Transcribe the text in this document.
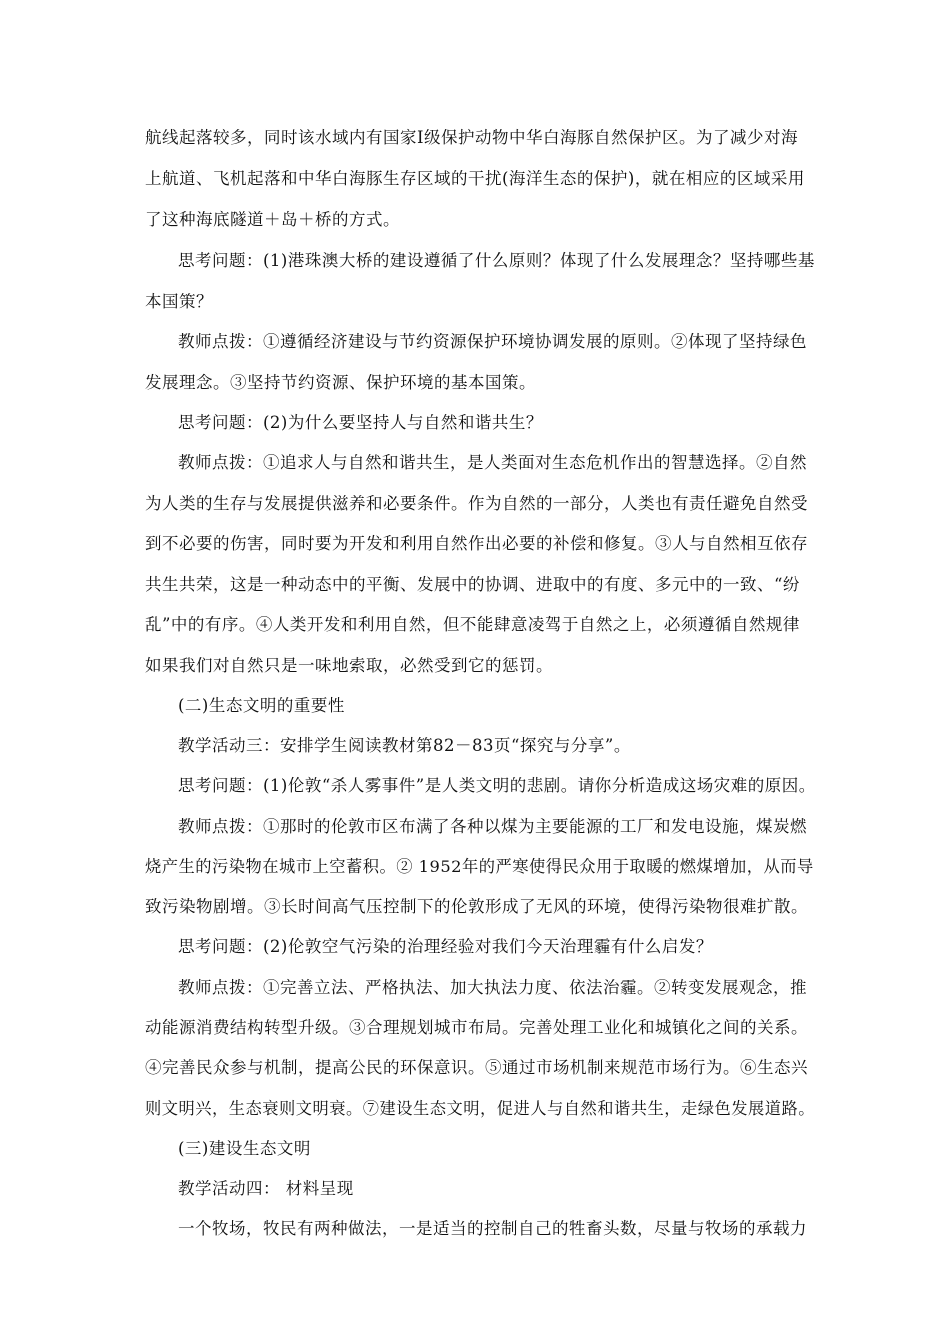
航线起落较多，同时该水域内有国家Ⅰ级保护动物中华白海豚自然保护区。为了减少对海
上航道、飞机起落和中华白海豚生存区域的干扰(海洋生态的保护)，就在相应的区域采用
了这种海底隧道＋岛＋桥的方式。
思考问题：(1)港珠澳大桥的建设遵循了什么原则？体现了什么发展理念？坚持哪些基
本国策？
教师点拨：①遵循经济建设与节约资源保护环境协调发展的原则。②体现了坚持绿色
发展理念。③坚持节约资源、保护环境的基本国策。
思考问题：(2)为什么要坚持人与自然和谐共生？
教师点拨：①追求人与自然和谐共生，是人类面对生态危机作出的智慧选择。②自然
为人类的生存与发展提供滋养和必要条件。作为自然的一部分，人类也有责任避免自然受
到不必要的伤害，同时要为开发和利用自然作出必要的补偿和修复。③人与自然相互依存
共生共荣，这是一种动态中的平衡、发展中的协调、进取中的有度、多元中的一致、“纷
乱”中的有序。④人类开发和利用自然，但不能肆意凌驾于自然之上，必须遵循自然规律
如果我们对自然只是一味地索取，必然受到它的惩罚。
(二)生态文明的重要性
教学活动三：安排学生阅读教材第82－83页“探究与分享”。
思考问题：(1)伦敦“杀人雾事件”是人类文明的悲剧。请你分析造成这场灾难的原因。
教师点拨：①那时的伦敦市区布满了各种以煤为主要能源的工厂和发电设施，煤炭燃
烧产生的污染物在城市上空蓄积。② 1952年的严寒使得民众用于取暖的燃煤增加，从而导
致污染物剧增。③长时间高气压控制下的伦敦形成了无风的环境，使得污染物很难扩散。
思考问题：(2)伦敦空气污染的治理经验对我们今天治理霾有什么启发？
教师点拨：①完善立法、严格执法、加大执法力度、依法治霾。②转变发展观念，推
动能源消费结构转型升级。③合理规划城市布局。完善处理工业化和城镇化之间的关系。
④完善民众参与机制，提高公民的环保意识。⑤通过市场机制来规范市场行为。⑥生态兴
则文明兴，生态衰则文明衰。⑦建设生态文明，促进人与自然和谐共生，走绿色发展道路。
(三)建设生态文明
教学活动四： 材料呈现
一个牧场，牧民有两种做法，一是适当的控制自己的牲畜头数，尽量与牧场的承载力
